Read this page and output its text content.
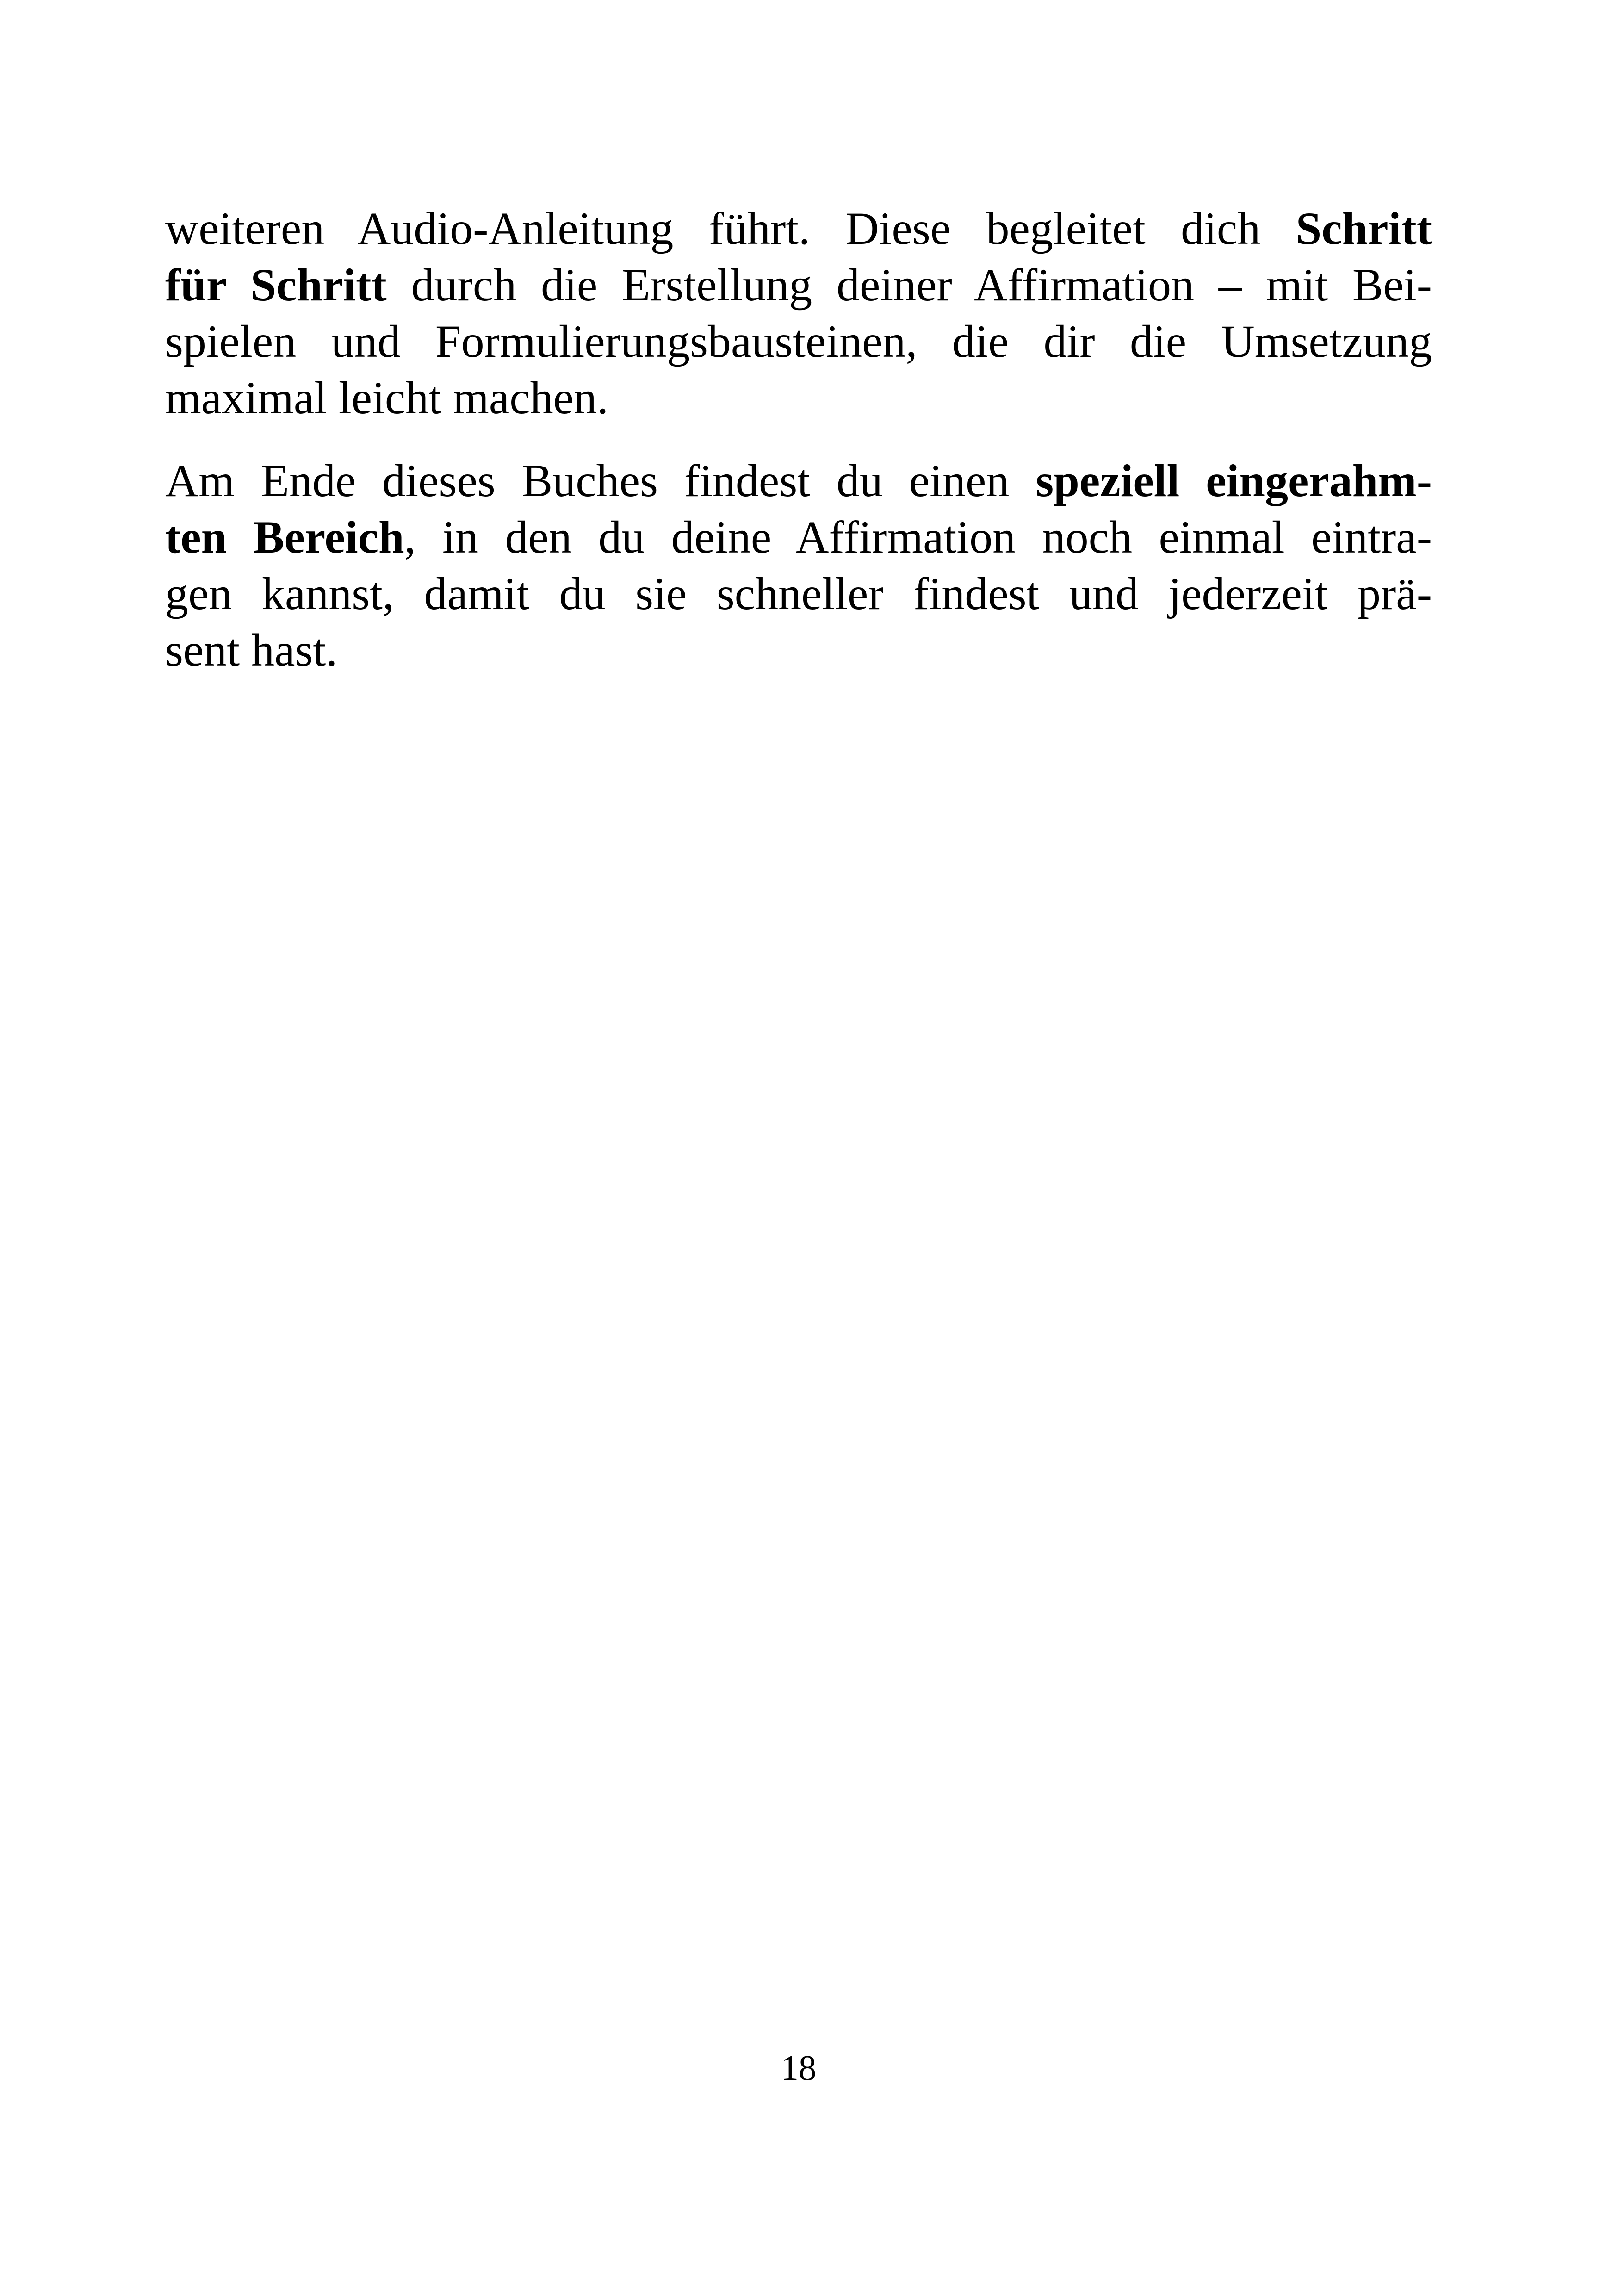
weiteren Audio-Anleitung führt. Diese begleitet dich Schritt
für Schritt durch die Erstellung deiner Affirmation – mit Bei-
spielen und Formulierungsbausteinen, die dir die Umsetzung
maximal leicht machen.
Am Ende dieses Buches findest du einen speziell eingerahm-
ten Bereich, in den du deine Affirmation noch einmal eintra-
gen kannst, damit du sie schneller findest und jederzeit prä-
sent hast.
18
